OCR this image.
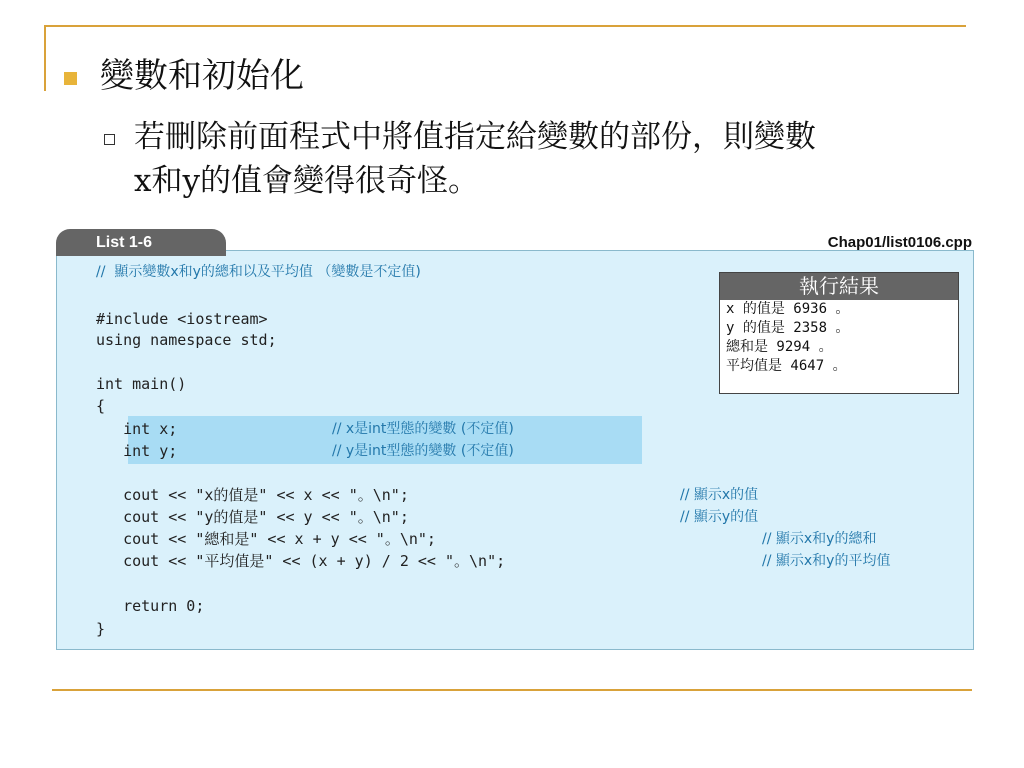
變數和初始化
若刪除前面程式中將值指定給變數的部份，則變數
x和y的值會變得很奇怪。
List 1-6	Chap01/list0106.cpp
//  顯示變數x和y的總和以及平均值 （變數是不定值)
#include <iostream>
using namespace std;
int main()
{
int x;	// x是int型態的變數 (不定值)
int y;	// y是int型態的變數 (不定值)
cout << "x的值是" << x << "。\n";	// 顯示x的值
cout << "y的值是" << y << "。\n";	// 顯示y的值
cout << "總和是" << x + y << "。\n";	// 顯示x和y的總和
cout << "平均值是" << (x + y) / 2 << "。\n";	// 顯示x和y的平均值
return 0;
}
執行結果
x 的值是 6936 。
y 的值是 2358 。
總和是 9294 。
平均值是 4647 。
